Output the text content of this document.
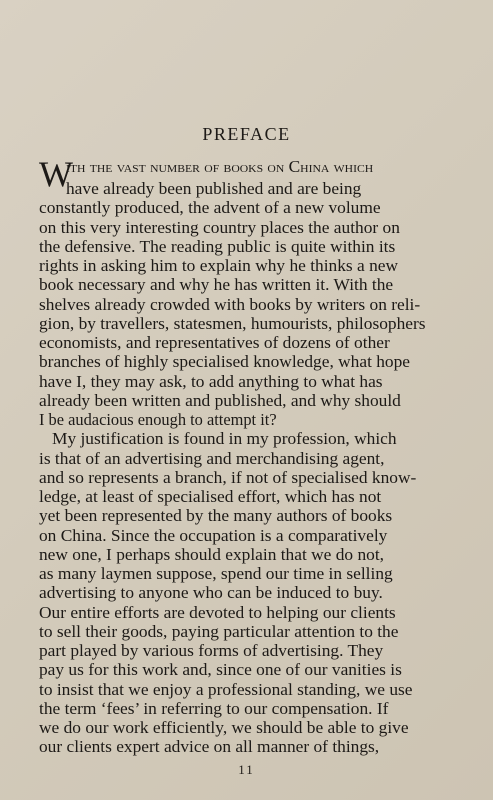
PREFACE
W
ith the vast number of books on China which
have already been published and are being
constantly produced, the advent of a new volume
on this very interesting country places the author on
the defensive. The reading public is quite within its
rights in asking him to explain why he thinks a new
book necessary and why he has written it. With the
shelves already crowded with books by writers on reli-
gion, by travellers, statesmen, humourists, philosophers
economists, and representatives of dozens of other
branches of highly specialised knowledge, what hope
have I, they may ask, to add anything to what has
already been written and published, and why should
I be audacious enough to attempt it?
My justification is found in my profession, which
is that of an advertising and merchandising agent,
and so represents a branch, if not of specialised know-
ledge, at least of specialised effort, which has not
yet been represented by the many authors of books
on China. Since the occupation is a comparatively
new one, I perhaps should explain that we do not,
as many laymen suppose, spend our time in selling
advertising to anyone who can be induced to buy.
Our entire efforts are devoted to helping our clients
to sell their goods, paying particular attention to the
part played by various forms of advertising. They
pay us for this work and, since one of our vanities is
to insist that we enjoy a professional standing, we use
the term ‘fees’ in referring to our compensation. If
we do our work efficiently, we should be able to give
our clients expert advice on all manner of things,
11
